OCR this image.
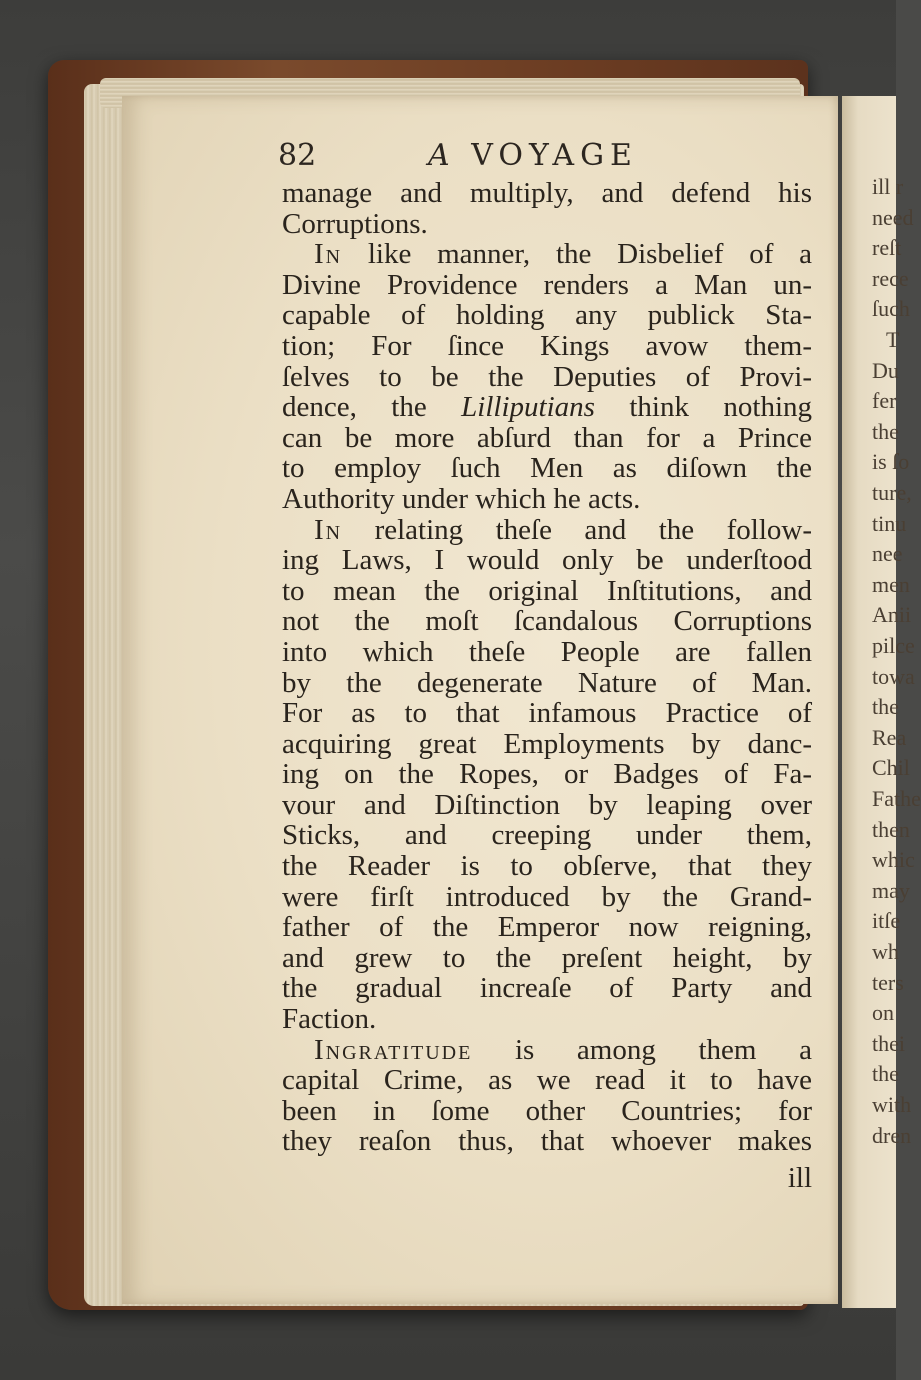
ill r
need
reſt
rece
ſuch
T
Du
fer
the
is ſo
ture,
tinu
nee
men
Anii
pilce
towa
the
Rea
Chil
Fathe
then
whic
may
itſe
wh
ters
on
thei
the
with
dren
82	A VOYAGE
manage and multiply, and defend his
Corruptions.
In like manner, the Disbelief of a
Divine Providence renders a Man un-
capable of holding any publick Sta-
tion; For ſince Kings avow them-
ſelves to be the Deputies of Provi-
dence, the Lilliputians think nothing
can be more abſurd than for a Prince
to employ ſuch Men as diſown the
Authority under which he acts.
In relating theſe and the follow-
ing Laws, I would only be underſtood
to mean the original Inſtitutions, and
not the moſt ſcandalous Corruptions
into which theſe People are fallen
by the degenerate Nature of Man.
For as to that infamous Practice of
acquiring great Employments by danc-
ing on the Ropes, or Badges of Fa-
vour and Diſtinction by leaping over
Sticks, and creeping under them,
the Reader is to obſerve, that they
were firſt introduced by the Grand-
father of the Emperor now reigning,
and grew to the preſent height, by
the gradual increaſe of Party and
Faction.
Ingratitude is among them a
capital Crime, as we read it to have
been in ſome other Countries; for
they reaſon thus, that whoever makes
ill
